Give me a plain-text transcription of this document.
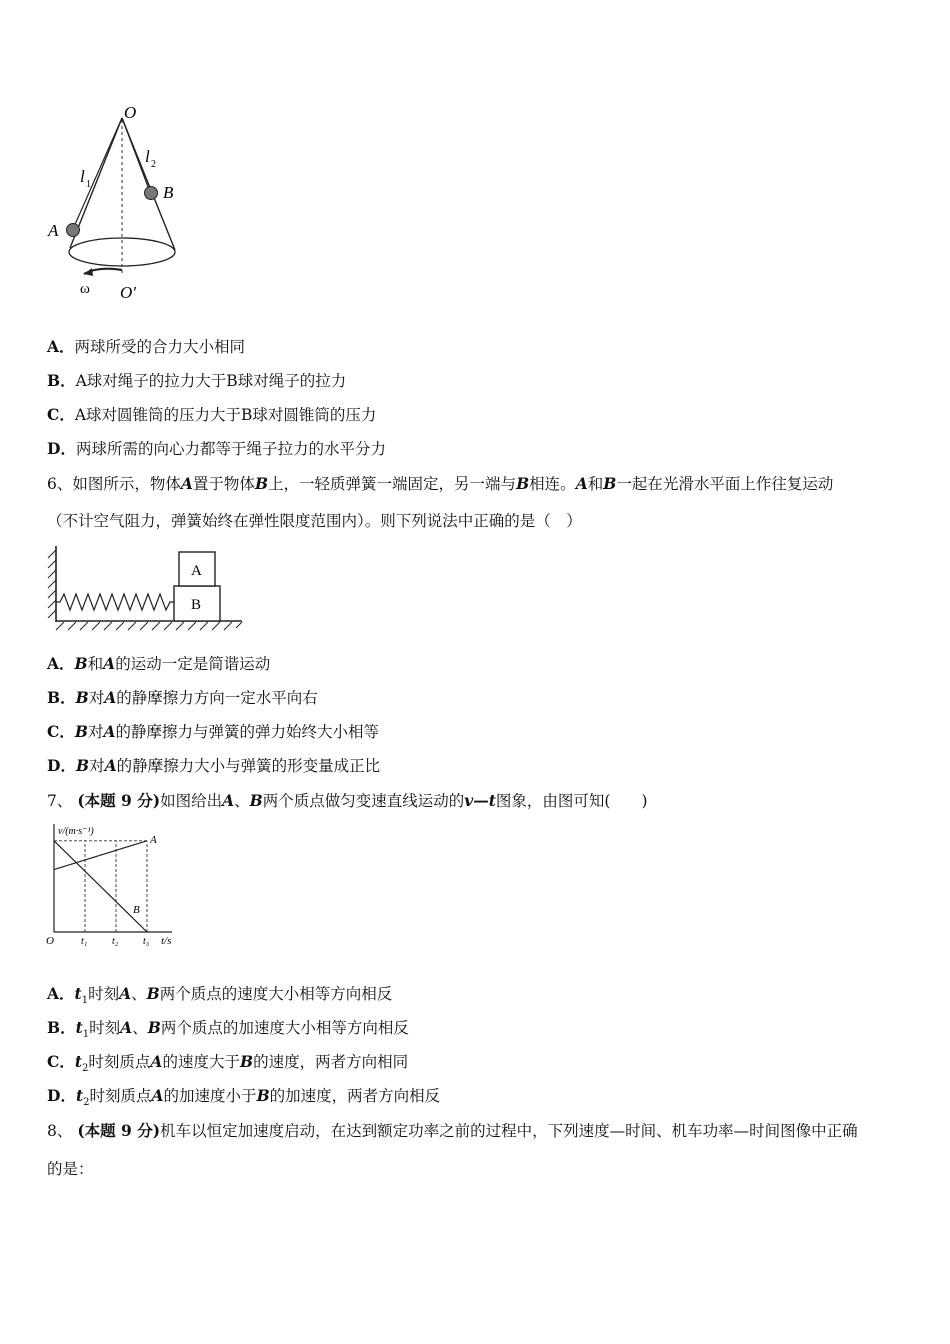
O
l 1
l 2
A
B
ω O'
A．两球所受的合力大小相同
B．A球对绳子的拉力大于B球对绳子的拉力
C．A球对圆锥筒的压力大于B球对圆锥筒的压力
D．两球所需的向心力都等于绳子拉力的水平分力
6、如图所示，物体A置于物体B上，一轻质弹簧一端固定，另一端与B相连。A和B一起在光滑水平面上作往复运动
（不计空气阻力，弹簧始终在弹性限度范围内）。则下列说法中正确的是（　）
A
B
A．B和A的运动一定是简谐运动
B．B对A的静摩擦力方向一定水平向右
C．B对A的静摩擦力与弹簧的弹力始终大小相等
D．B对A的静摩擦力大小与弹簧的形变量成正比
7、 (本题 9 分)如图给出A、B两个质点做匀变速直线运动的v—t图象，由图可知(　　)
v/(m·s⁻¹)
t/s
O	t₁ t₂ t₃
A
B
A．$t_1$时刻A、B两个质点的速度大小相等方向相反
B．$t_1$时刻A、B两个质点的加速度大小相等方向相反
C．$t_2$时刻质点A的速度大于B的速度，两者方向相同
D．$t_2$时刻质点A的加速度小于B的加速度，两者方向相反
8、 (本题 9 分)机车以恒定加速度启动，在达到额定功率之前的过程中，下列速度—时间、机车功率—时间图像中正确
的是：
